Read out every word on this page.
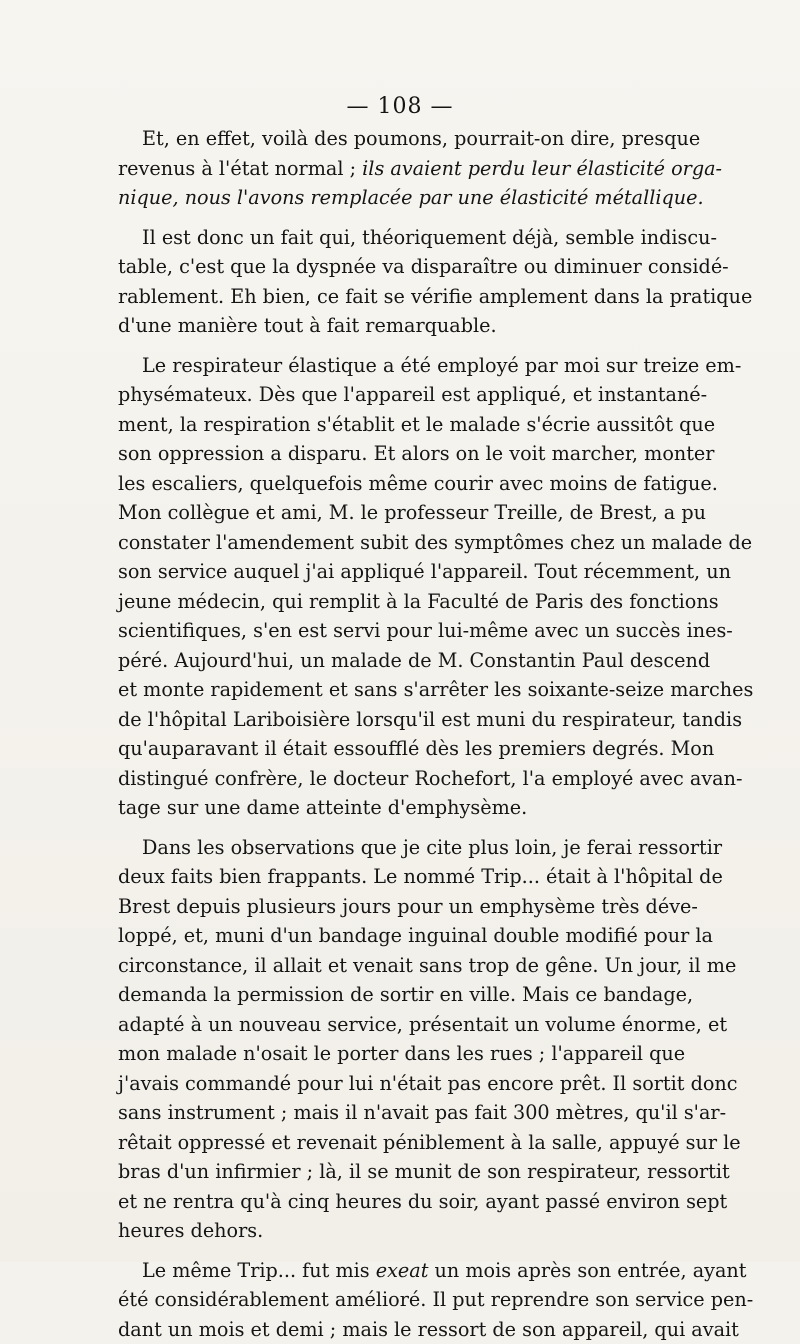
— 108 —
Et, en effet, voilà des poumons, pourrait-on dire, presque
revenus à l'état normal ; ils avaient perdu leur élasticité orga-
nique, nous l'avons remplacée par une élasticité métallique.
Il est donc un fait qui, théoriquement déjà, semble indiscu-
table, c'est que la dyspnée va disparaître ou diminuer considé-
rablement. Eh bien, ce fait se vérifie amplement dans la pratique
d'une manière tout à fait remarquable.
Le respirateur élastique a été employé par moi sur treize em-
physémateux. Dès que l'appareil est appliqué, et instantané-
ment, la respiration s'établit et le malade s'écrie aussitôt que
son oppression a disparu. Et alors on le voit marcher, monter
les escaliers, quelquefois même courir avec moins de fatigue.
Mon collègue et ami, M. le professeur Treille, de Brest, a pu
constater l'amendement subit des symptômes chez un malade de
son service auquel j'ai appliqué l'appareil. Tout récemment, un
jeune médecin, qui remplit à la Faculté de Paris des fonctions
scientifiques, s'en est servi pour lui-même avec un succès ines-
péré. Aujourd'hui, un malade de M. Constantin Paul descend
et monte rapidement et sans s'arrêter les soixante-seize marches
de l'hôpital Lariboisière lorsqu'il est muni du respirateur, tandis
qu'auparavant il était essoufflé dès les premiers degrés. Mon
distingué confrère, le docteur Rochefort, l'a employé avec avan-
tage sur une dame atteinte d'emphysème.
Dans les observations que je cite plus loin, je ferai ressortir
deux faits bien frappants. Le nommé Trip... était à l'hôpital de
Brest depuis plusieurs jours pour un emphysème très déve-
loppé, et, muni d'un bandage inguinal double modifié pour la
circonstance, il allait et venait sans trop de gêne. Un jour, il me
demanda la permission de sortir en ville. Mais ce bandage,
adapté à un nouveau service, présentait un volume énorme, et
mon malade n'osait le porter dans les rues ; l'appareil que
j'avais commandé pour lui n'était pas encore prêt. Il sortit donc
sans instrument ; mais il n'avait pas fait 300 mètres, qu'il s'ar-
rêtait oppressé et revenait péniblement à la salle, appuyé sur le
bras d'un infirmier ; là, il se munit de son respirateur, ressortit
et ne rentra qu'à cinq heures du soir, ayant passé environ sept
heures dehors.
Le même Trip... fut mis exeat un mois après son entrée, ayant
été considérablement amélioré. Il put reprendre son service pen-
dant un mois et demi ; mais le ressort de son appareil, qui avait
